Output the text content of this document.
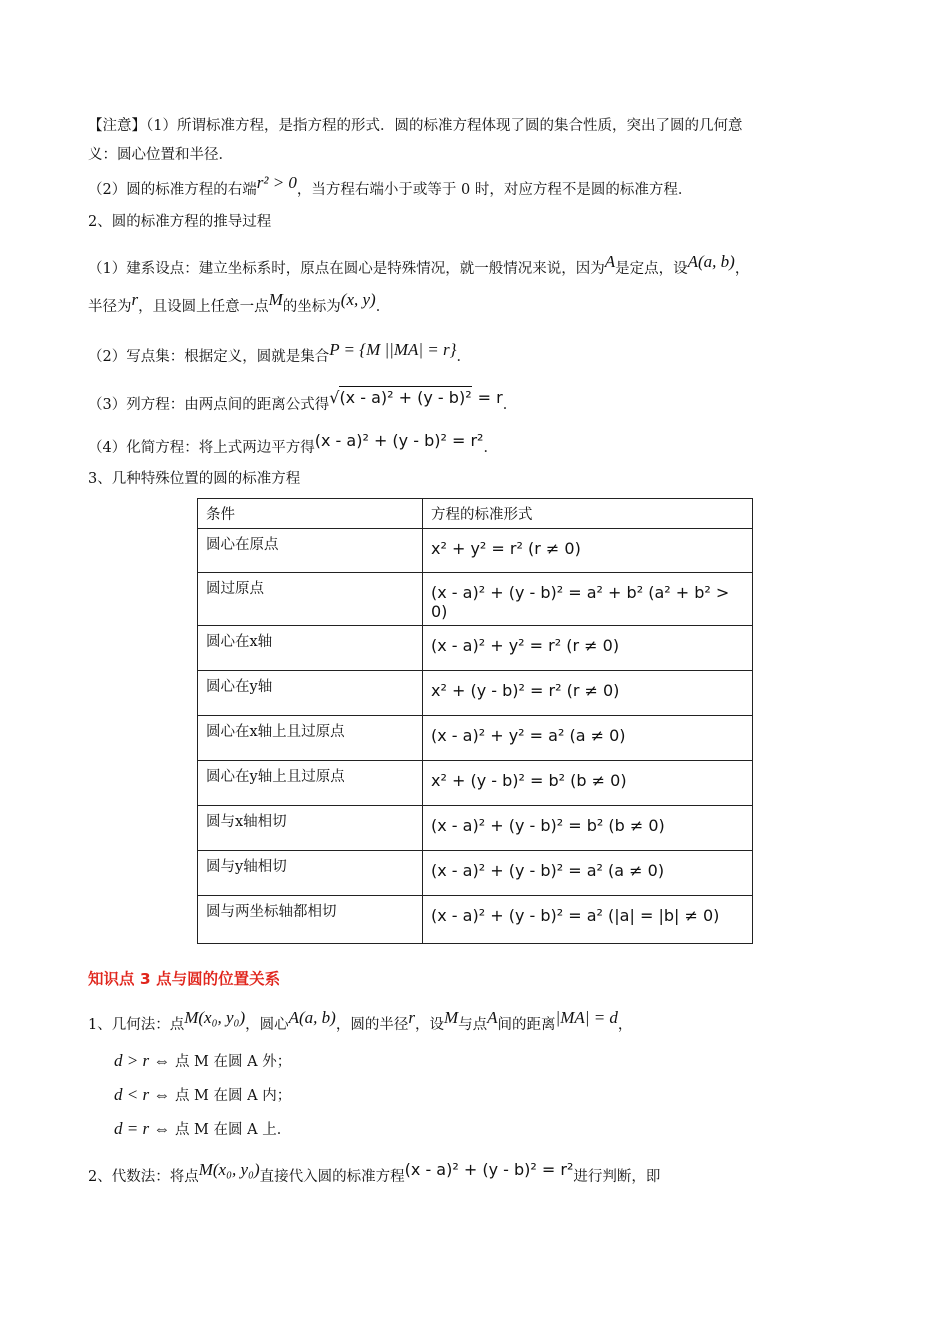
【注意】（1）所谓标准方程，是指方程的形式．圆的标准方程体现了圆的集合性质，突出了圆的几何意
义：圆心位置和半径．
（2）圆的标准方程的右端r² > 0，当方程右端小于或等于 0 时，对应方程不是圆的标准方程．
2、圆的标准方程的推导过程
（1）建系设点：建立坐标系时，原点在圆心是特殊情况，就一般情况来说，因为A是定点，设A(a, b)，
半径为r，且设圆上任意一点M的坐标为(x, y)．
（2）写点集：根据定义，圆就是集合P = {M ||MA| = r}．
（3）列方程：由两点间的距离公式得√(x - a)² + (y - b)² = r．
（4）化简方程：将上式两边平方得(x - a)² + (y - b)² = r²．
3、几种特殊位置的圆的标准方程
条件	方程的标准形式
圆心在原点	x² + y² = r² (r ≠ 0)
圆过原点	(x - a)² + (y - b)² = a² + b² (a² + b² > 0)
圆心在x轴	(x - a)² + y² = r² (r ≠ 0)
圆心在y轴	x² + (y - b)² = r² (r ≠ 0)
圆心在x轴上且过原点	(x - a)² + y² = a² (a ≠ 0)
圆心在y轴上且过原点	x² + (y - b)² = b² (b ≠ 0)
圆与x轴相切	(x - a)² + (y - b)² = b² (b ≠ 0)
圆与y轴相切	(x - a)² + (y - b)² = a² (a ≠ 0)
圆与两坐标轴都相切	(x - a)² + (y - b)² = a² (|a| = |b| ≠ 0)
知识点 3 点与圆的位置关系
1、几何法：点M(x₀, y₀)，圆心A(a, b)，圆的半径r，设M与点A间的距离|MA| = d，
d > r ⇔ 点 M 在圆 A 外；
d < r ⇔ 点 M 在圆 A 内；
d = r ⇔ 点 M 在圆 A 上．
2、代数法：将点M(x₀, y₀)直接代入圆的标准方程(x - a)² + (y - b)² = r²进行判断，即
